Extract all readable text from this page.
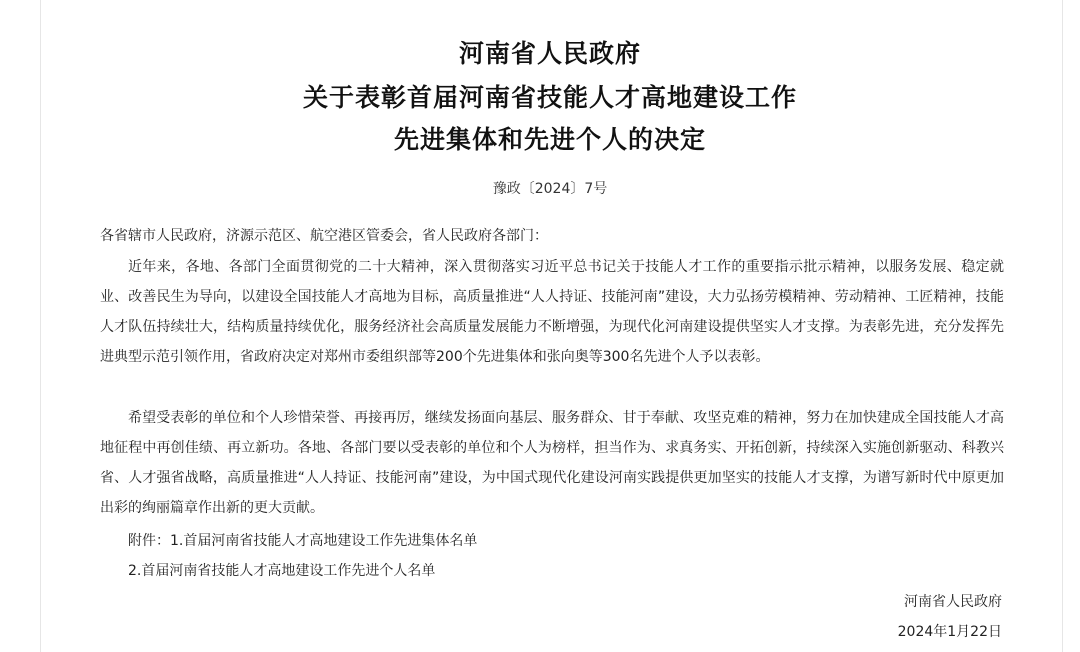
河南省人民政府
关于表彰首届河南省技能人才高地建设工作
先进集体和先进个人的决定
豫政〔2024〕7号
各省辖市人民政府，济源示范区、航空港区管委会，省人民政府各部门：

近年来，各地、各部门全面贯彻党的二十大精神，深入贯彻落实习近平总书记关于技能人才工作的重要指示批示精神，以服务发展、稳定就业、改善民生为导向，以建设全国技能人才高地为目标，高质量推进“人人持证、技能河南”建设，大力弘扬劳模精神、劳动精神、工匠精神，技能人才队伍持续壮大，结构质量持续优化，服务经济社会高质量发展能力不断增强，为现代化河南建设提供坚实人才支撑。为表彰先进，充分发挥先进典型示范引领作用，省政府决定对郑州市委组织部等200个先进集体和张向奥等300名先进个人予以表彰。

希望受表彰的单位和个人珍惜荣誉、再接再厉，继续发扬面向基层、服务群众、甘于奉献、攻坚克难的精神，努力在加快建成全国技能人才高地征程中再创佳绩、再立新功。各地、各部门要以受表彰的单位和个人为榜样，担当作为、求真务实、开拓创新，持续深入实施创新驱动、科教兴省、人才强省战略，高质量推进“人人持证、技能河南”建设，为中国式现代化建设河南实践提供更加坚实的技能人才支撑，为谱写新时代中原更加出彩的绚丽篇章作出新的更大贡献。

附件：1.首届河南省技能人才高地建设工作先进集体名单
2.首届河南省技能人才高地建设工作先进个人名单
河南省人民政府
2024年1月22日
